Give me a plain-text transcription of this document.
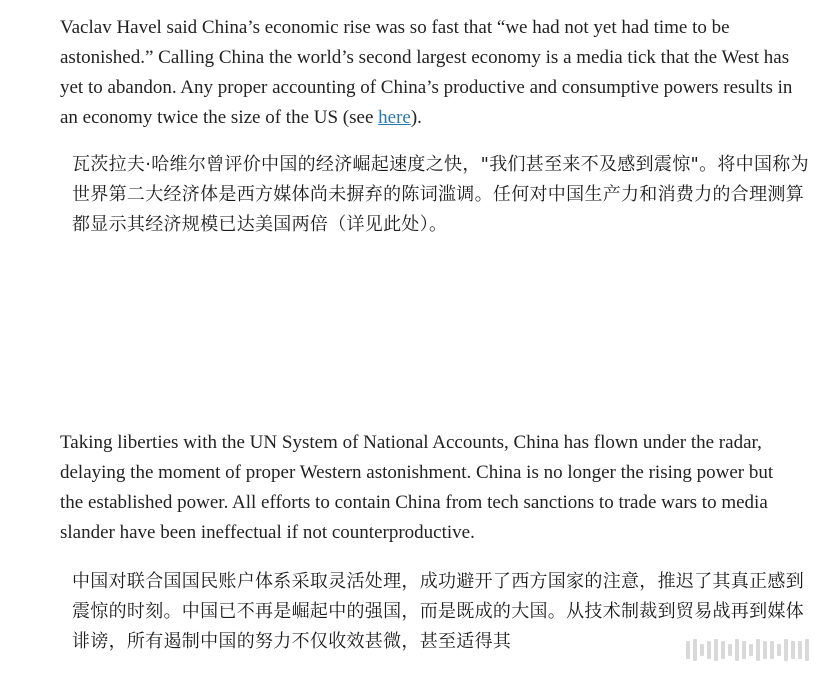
Vaclav Havel said China’s economic rise was so fast that “we had not yet had time to be astonished.” Calling China the world’s second largest economy is a media tick that the West has yet to abandon. Any proper accounting of China’s productive and consumptive powers results in an economy twice the size of the US (see here).

瓦茨拉夫·哈维尔曾评价中国的经济崛起速度之快，"我们甚至来不及感到震惊"。将中国称为世界第二大经济体是西方媒体尚未摒弃的陈词滥调。任何对中国生产力和消费力的合理测算都显示其经济规模已达美国两倍（详见此处）。

Taking liberties with the UN System of National Accounts, China has flown under the radar, delaying the moment of proper Western astonishment. China is no longer the rising power but the established power. All efforts to contain China from tech sanctions to trade wars to media slander have been ineffectual if not counterproductive.

中国对联合国国民账户体系采取灵活处理，成功避开了西方国家的注意，推迟了其真正感到震惊的时刻。中国已不再是崛起中的强国，而是既成的大国。从技术制裁到贸易战再到媒体诽谤，所有遏制中国的努力不仅收效甚微，甚至适得其
